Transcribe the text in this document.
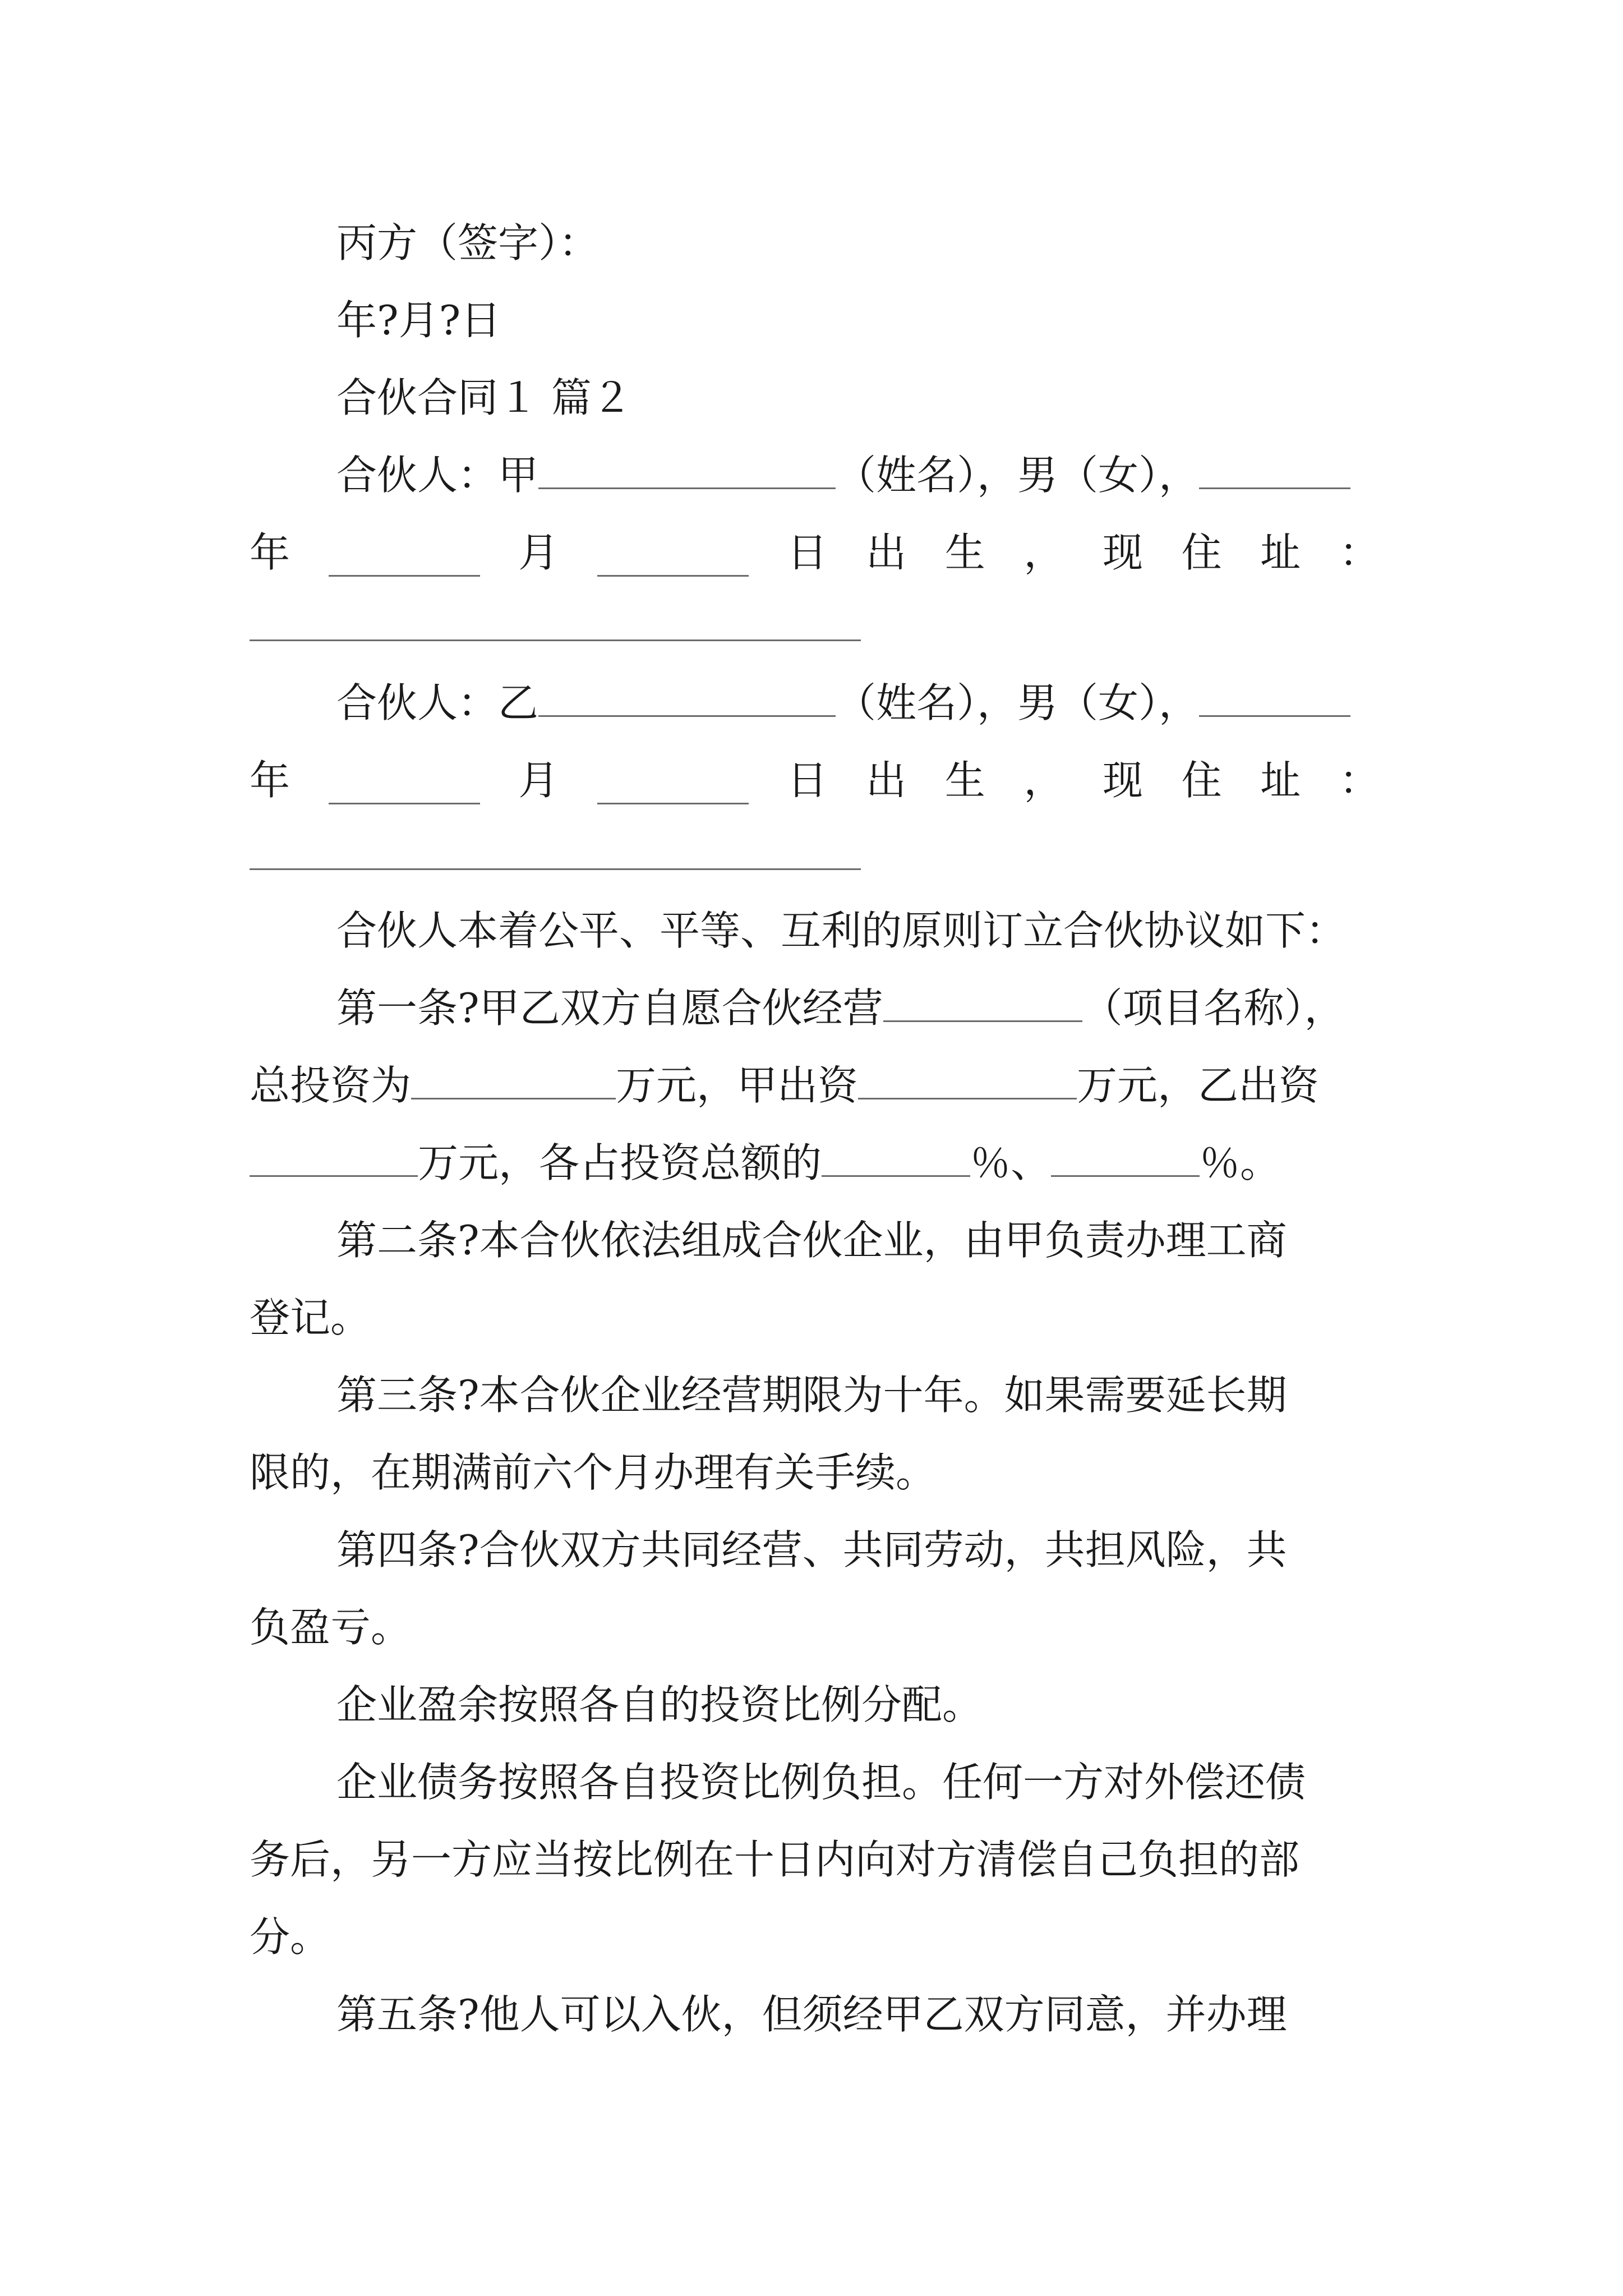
丙方（签字）：
年?月?日
合伙合同１ 篇２
合伙人：甲	（姓名），男（女），
年	月	日 出 生 ， 现 住 址 ：
合伙人：乙	（姓名），男（女），
年	月	日 出 生 ， 现 住 址 ：
合伙人本着公平、平等、互利的原则订立合伙协议如下：
第一条?甲乙双方自愿合伙经营	（项目名称），
总投资为	万元，甲出资	万元，乙出资
万元，各占投资总额的	％、	％。
第二条?本合伙依法组成合伙企业，由甲负责办理工商
登记。
第三条?本合伙企业经营期限为十年。如果需要延长期
限的，在期满前六个月办理有关手续。
第四条?合伙双方共同经营、共同劳动，共担风险，共
负盈亏。
企业盈余按照各自的投资比例分配。
企业债务按照各自投资比例负担。任何一方对外偿还债
务后，另一方应当按比例在十日内向对方清偿自己负担的部
分。
第五条?他人可以入伙，但须经甲乙双方同意，并办理
